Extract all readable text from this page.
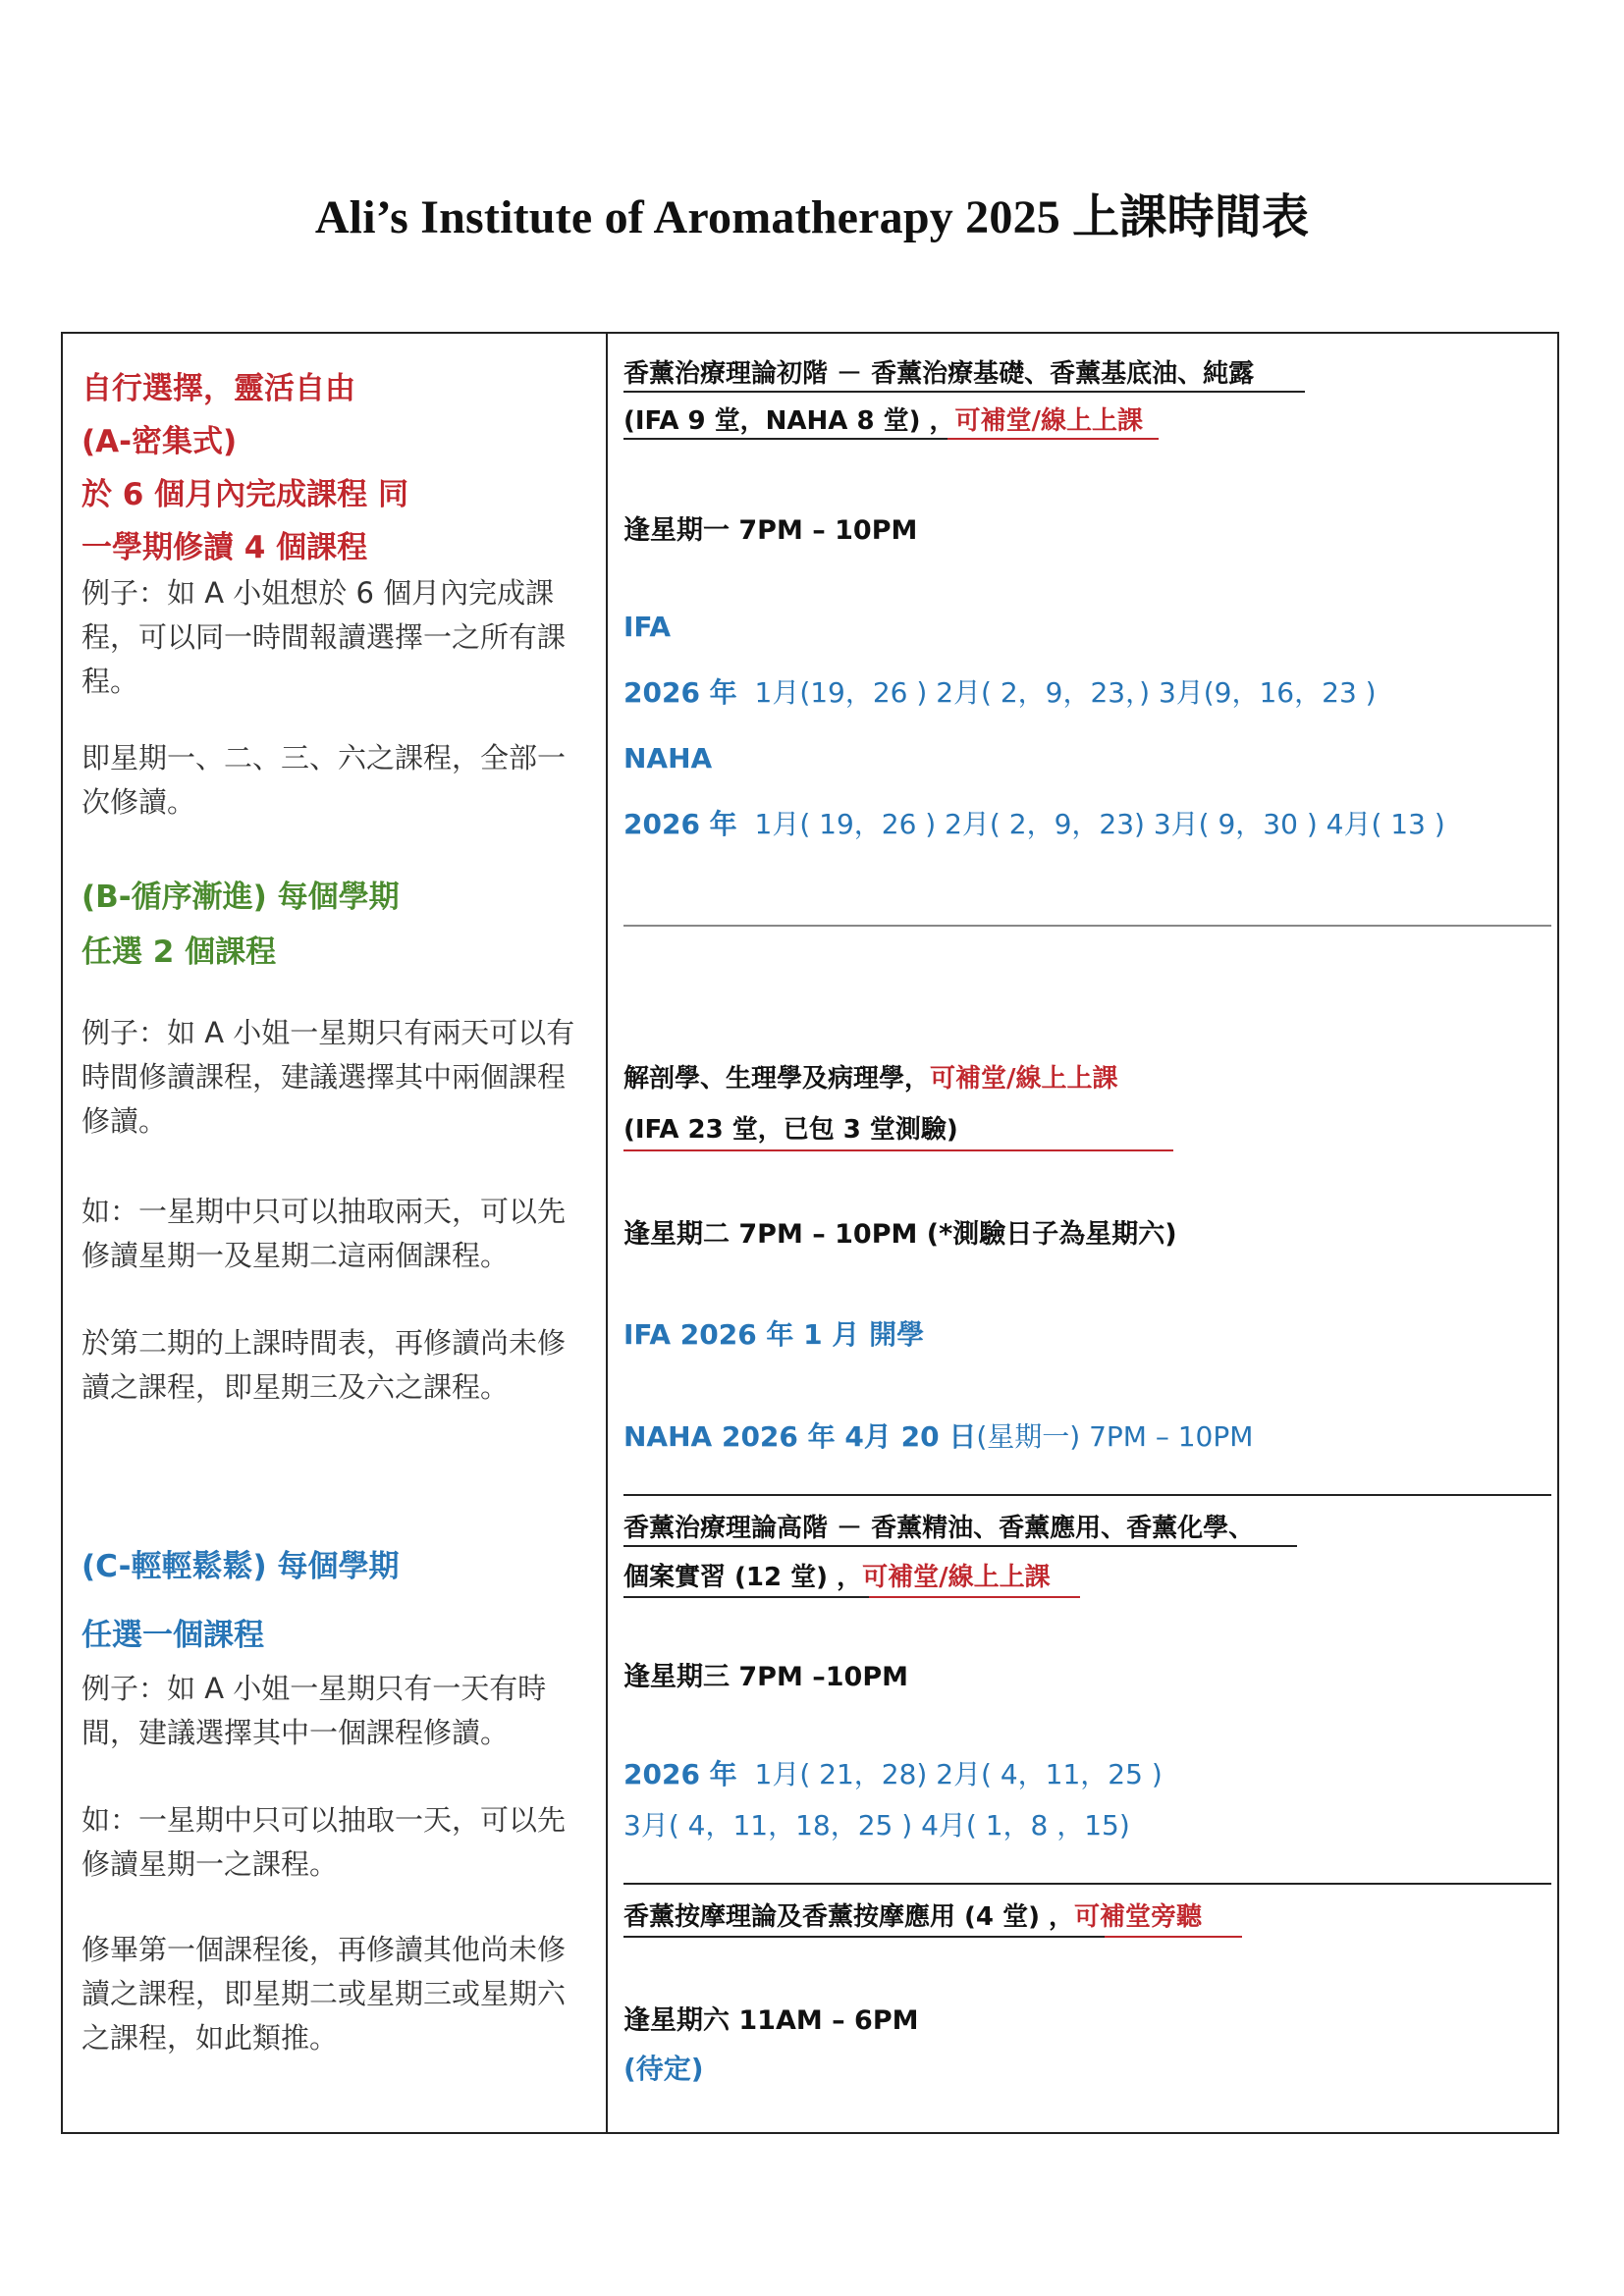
Ali’s Institute of Aromatherapy 2025 上課時間表
自行選擇，靈活自由
(A-密集式)
於 6 個月內完成課程 同
一學期修讀 4 個課程
例子：如 A 小姐想於 6 個月內完成課程，可以同一時間報讀選擇一之所有課程。
即星期一、二、三、六之課程，全部一次修讀。
(B-循序漸進) 每個學期
任選 2 個課程
例子：如 A 小姐一星期只有兩天可以有時間修讀課程，建議選擇其中兩個課程修讀。
如：一星期中只可以抽取兩天，可以先修讀星期一及星期二這兩個課程。
於第二期的上課時間表，再修讀尚未修讀之課程，即星期三及六之課程。
(C-輕輕鬆鬆) 每個學期
任選一個課程
例子：如 A 小姐一星期只有一天有時間，建議選擇其中一個課程修讀。
如：一星期中只可以抽取一天，可以先修讀星期一之課程。
修畢第一個課程後，再修讀其他尚未修讀之課程，即星期二或星期三或星期六之課程，如此類推。
香薰治療理論初階 － 香薰治療基礎、香薰基底油、純露
(IFA 9 堂，NAHA 8 堂) ，可補堂/線上上課
逢星期一 7PM – 10PM
IFA
2026 年 1月(19，26 ) 2月( 2，9，23，) 3月(9，16，23 )
NAHA
2026 年 1月( 19，26 ) 2月( 2，9，23) 3月( 9，30 ) 4月( 13 )
解剖學、生理學及病理學，可補堂/線上上課
(IFA 23 堂，已包 3 堂測驗)
逢星期二 7PM – 10PM (*測驗日子為星期六)
IFA 2026 年 1 月 開學
NAHA 2026 年 4月 20 日(星期一) 7PM – 10PM
香薰治療理論高階 － 香薰精油、香薰應用、香薰化學、
個案實習 (12 堂) ，可補堂/線上上課
逢星期三 7PM –10PM
2026 年 1月( 21，28) 2月( 4，11，25 )
3月( 4，11，18，25 ) 4月( 1，8 ，15)
香薰按摩理論及香薰按摩應用 (4 堂) ，可補堂旁聽
逢星期六 11AM – 6PM
(待定)
